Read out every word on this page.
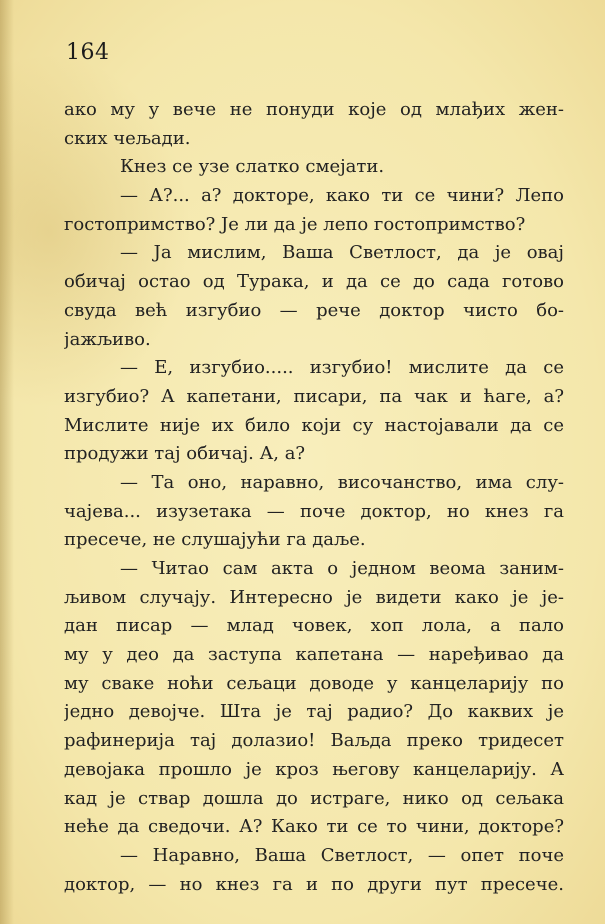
164
ако му у вече не понуди које од млађих жен-
ских чељади.
Кнез се узе слатко смејати.
— А?... а? докторе, како ти се чини? Лепо
гостопримство? Је ли да је лепо гостопримство?
— Ја мислим, Ваша Светлост, да је овај
обичај остао од Турака, и да се до сада готово
свуда већ изгубио — рече доктор чисто бо-
јажљиво.
— Е, изгубио..... изгубио! мислите да се
изгубио? А капетани, писари, па чак и ћаге, а?
Мислите није их било који су настојавали да се
продужи тај обичај. А, а?
— Та оно, наравно, височанство, има слу-
чајева... изузетака — поче доктор, но кнез га
пресече, не слушајући га даље.
— Читао сам акта о једном веома заним-
љивом случају. Интересно је видети како је је-
дан писар — млад човек, хоп лола, а пало
му у део да заступа капетана — наређивао да
му сваке ноћи сељаци доводе у канцеларију по
једно девојче. Шта је тај радио? До каквих је
рафинерија тај долазио! Ваљда преко тридесет
девојака прошло је кроз његову канцеларију. А
кад је ствар дошла до истраге, нико од сељака
неће да сведочи. А? Како ти се то чини, докторе?
— Наравно, Ваша Светлост, — опет поче
доктор, — но кнез га и по други пут пресече.
